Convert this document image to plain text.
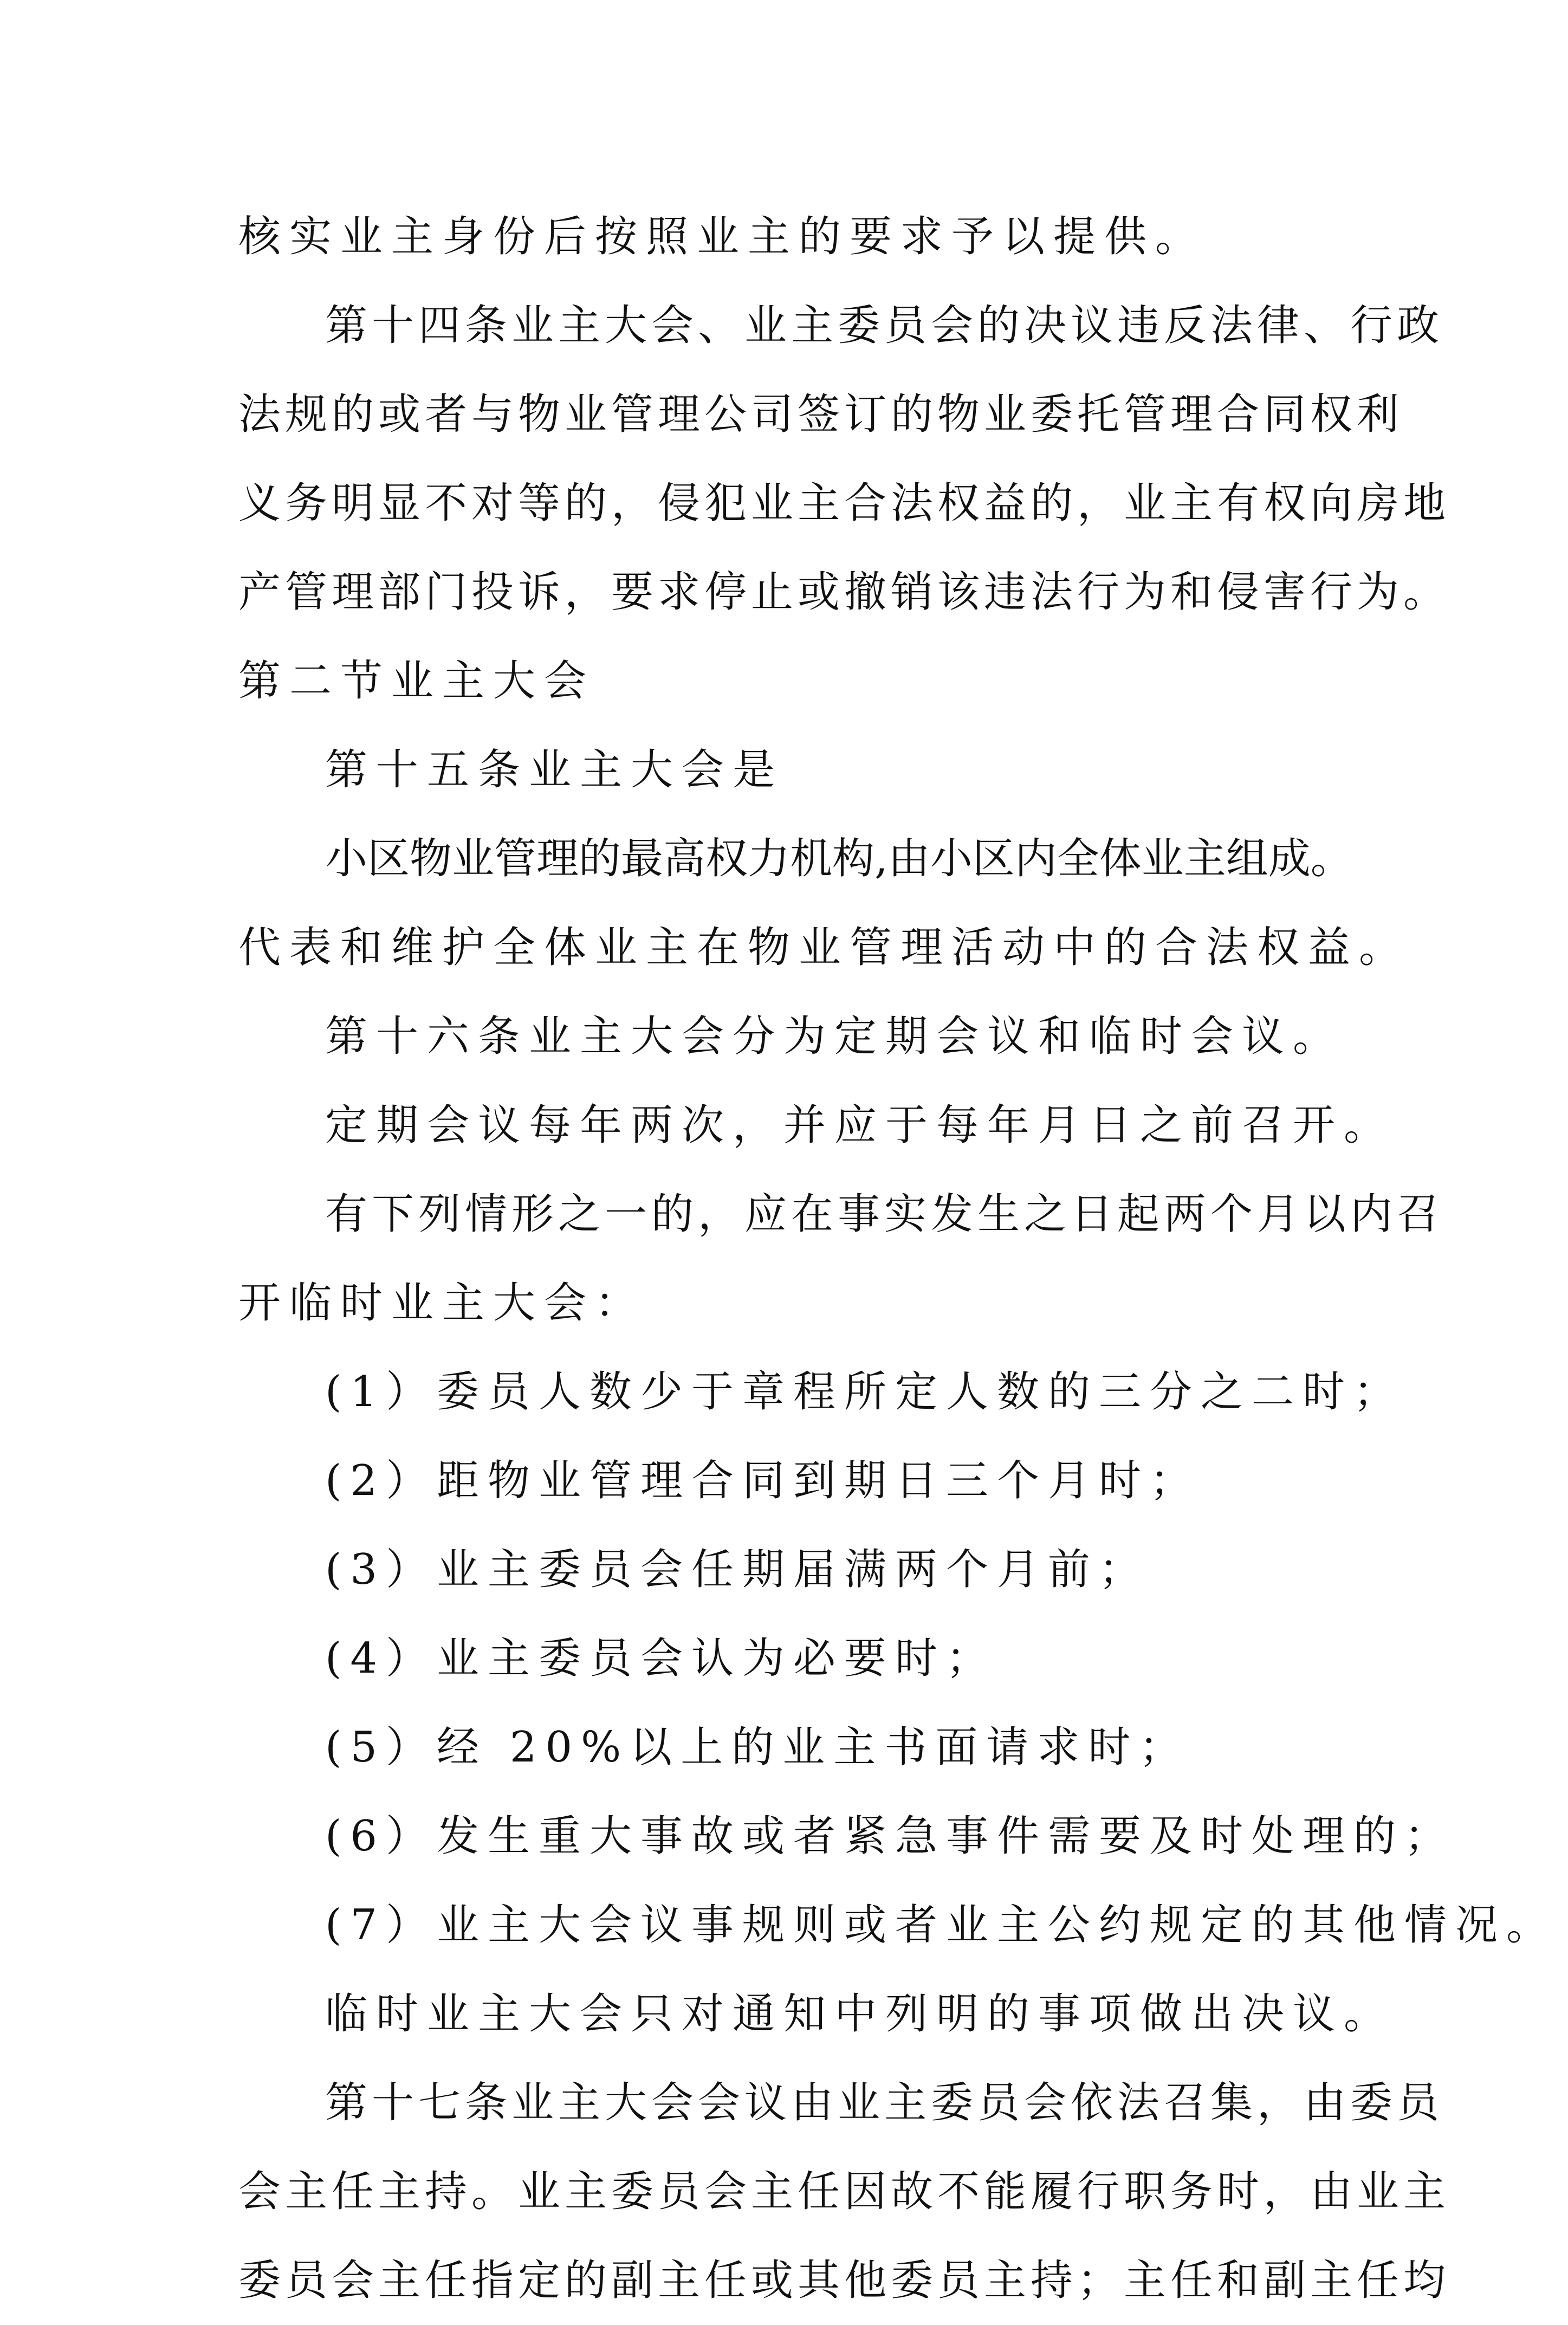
核实业主身份后按照业主的要求予以提供。
第十四条业主大会、业主委员会的决议违反法律、行政
法规的或者与物业管理公司签订的物业委托管理合同权利
义务明显不对等的，侵犯业主合法权益的，业主有权向房地
产管理部门投诉，要求停止或撤销该违法行为和侵害行为。
第二节业主大会
第十五条业主大会是
小区物业管理的最高权力机构,由小区内全体业主组成。
代表和维护全体业主在物业管理活动中的合法权益。
第十六条业主大会分为定期会议和临时会议。
定期会议每年两次，并应于每年月日之前召开。
有下列情形之一的，应在事实发生之日起两个月以内召
开临时业主大会：
(1）委员人数少于章程所定人数的三分之二时；
(2）距物业管理合同到期日三个月时；
(3）业主委员会任期届满两个月前；
(4）业主委员会认为必要时；
(5）经 20%以上的业主书面请求时；
(6）发生重大事故或者紧急事件需要及时处理的；
(7）业主大会议事规则或者业主公约规定的其他情况。
临时业主大会只对通知中列明的事项做出决议。
第十七条业主大会会议由业主委员会依法召集，由委员
会主任主持。业主委员会主任因故不能履行职务时，由业主
委员会主任指定的副主任或其他委员主持；主任和副主任均
